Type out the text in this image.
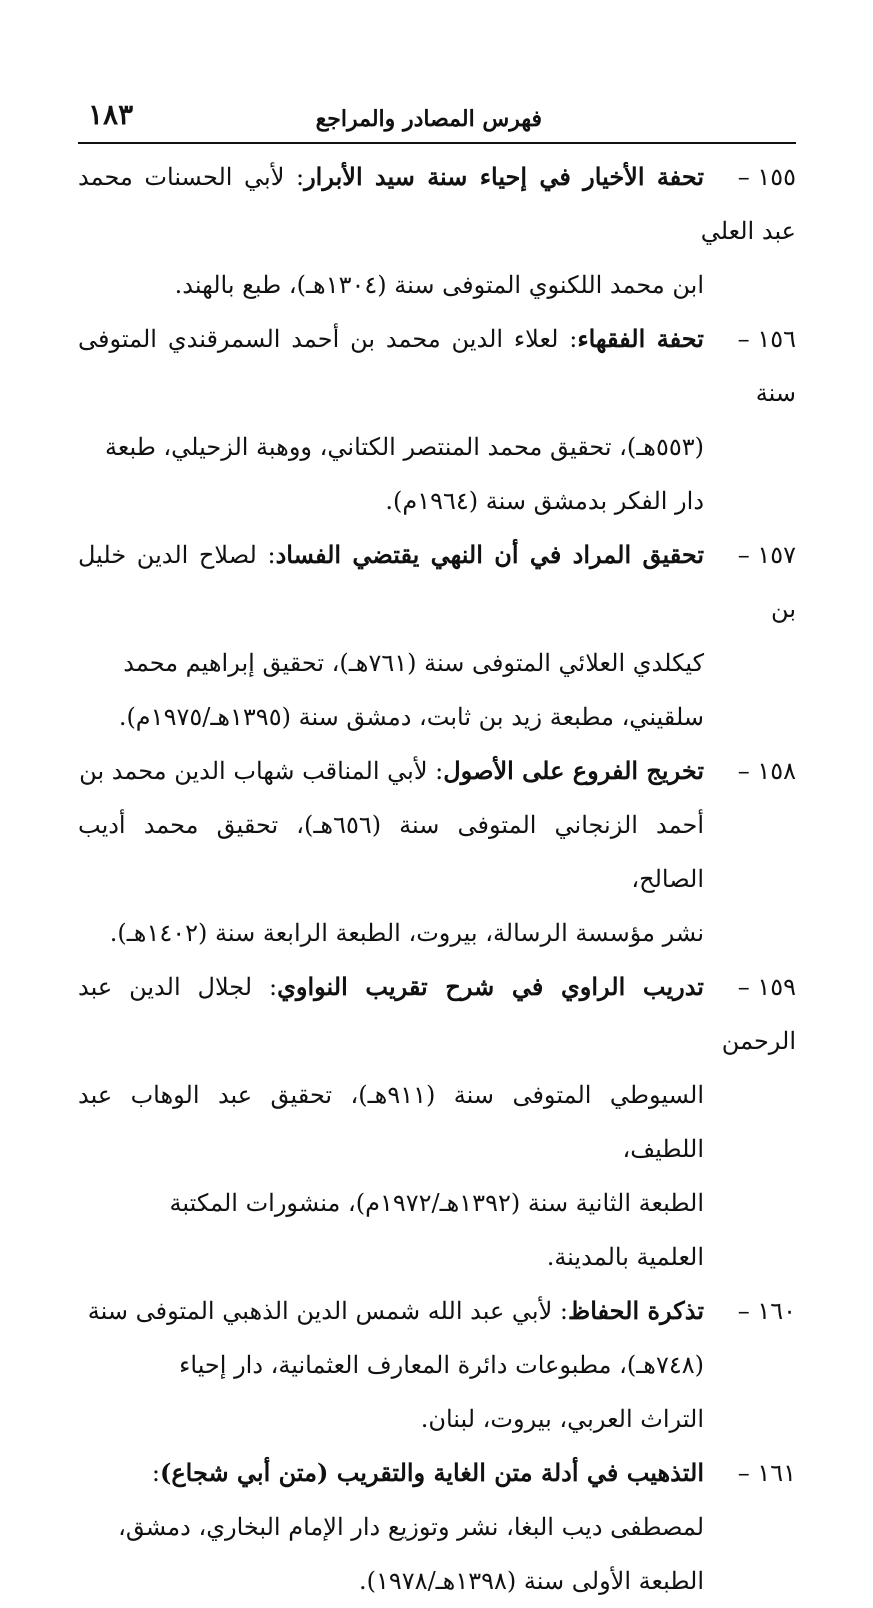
فهرس المصادر والمراجع
١٨٣
١٥٥ –تحفة الأخيار في إحياء سنة سيد الأبرار: لأبي الحسنات محمد عبد العلي
ابن محمد اللكنوي المتوفى سنة (١٣٠٤هـ)، طبع بالهند.
١٥٦ –تحفة الفقهاء: لعلاء الدين محمد بن أحمد السمرقندي المتوفى سنة
(٥٥٣هـ)، تحقيق محمد المنتصر الكتاني، ووهبة الزحيلي، طبعة
دار الفكر بدمشق سنة (١٩٦٤م).
١٥٧ –تحقيق المراد في أن النهي يقتضي الفساد: لصلاح الدين خليل بن
كيكلدي العلائي المتوفى سنة (٧٦١هـ)، تحقيق إبراهيم محمد
سلقيني، مطبعة زيد بن ثابت، دمشق سنة (١٣٩٥هـ/١٩٧٥م).
١٥٨ –تخريج الفروع على الأصول: لأبي المناقب شهاب الدين محمد بن
أحمد الزنجاني المتوفى سنة (٦٥٦هـ)، تحقيق محمد أديب الصالح،
نشر مؤسسة الرسالة، بيروت، الطبعة الرابعة سنة (١٤٠٢هـ).
١٥٩ –تدريب الراوي في شرح تقريب النواوي: لجلال الدين عبد الرحمن
السيوطي المتوفى سنة (٩١١هـ)، تحقيق عبد الوهاب عبد اللطيف،
الطبعة الثانية سنة (١٣٩٢هـ/١٩٧٢م)، منشورات المكتبة
العلمية بالمدينة.
١٦٠ –تذكرة الحفاظ: لأبي عبد الله شمس الدين الذهبي المتوفى سنة
(٧٤٨هـ)، مطبوعات دائرة المعارف العثمانية، دار إحياء
التراث العربي، بيروت، لبنان.
١٦١ –التذهيب في أدلة متن الغاية والتقريب (متن أبي شجاع):
لمصطفى ديب البغا، نشر وتوزيع دار الإمام البخاري، دمشق،
الطبعة الأولى سنة (١٣٩٨هـ/١٩٧٨).
